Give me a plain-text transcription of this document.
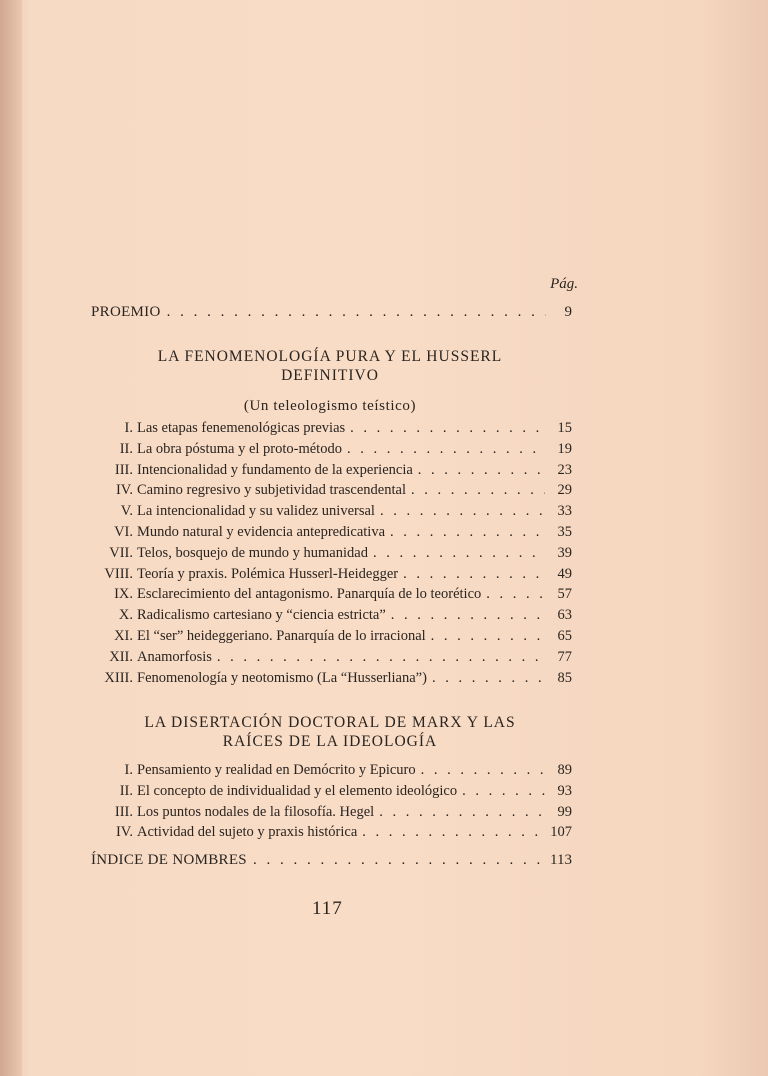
Pág.
PROEMIO . . .	9
LA FENOMENOLOGÍA PURA Y EL HUSSERL
DEFINITIVO
(Un teleologismo teístico)
I. Las etapas fenemenológicas previas . . .	15
II. La obra póstuma y el proto-método . . .	19
III. Intencionalidad y fundamento de la experiencia . . .	23
IV. Camino regresivo y subjetividad trascendental . . .	29
V. La intencionalidad y su validez universal . . .	33
VI. Mundo natural y evidencia antepredicativa . . .	35
VII. Telos, bosquejo de mundo y humanidad . . .	39
VIII. Teoría y praxis. Polémica Husserl-Heidegger . . .	49
IX. Esclarecimiento del antagonismo. Panarquía de lo teorético . . .	57
X. Radicalismo cartesiano y “ciencia estricta” . . .	63
XI. El “ser” heideggeriano. Panarquía de lo irracional . . .	65
XII. Anamorfosis . . .	77
XIII. Fenomenología y neotomismo (La “Husserliana”) . . .	85
LA DISERTACIÓN DOCTORAL DE MARX Y LAS
RAÍCES DE LA IDEOLOGÍA
I. Pensamiento y realidad en Demócrito y Epicuro . . .	89
II. El concepto de individualidad y el elemento ideológico . . .	93
III. Los puntos nodales de la filosofía. Hegel . . .	99
IV. Actividad del sujeto y praxis histórica . . .	107
ÍNDICE DE NOMBRES . . .	113
117
